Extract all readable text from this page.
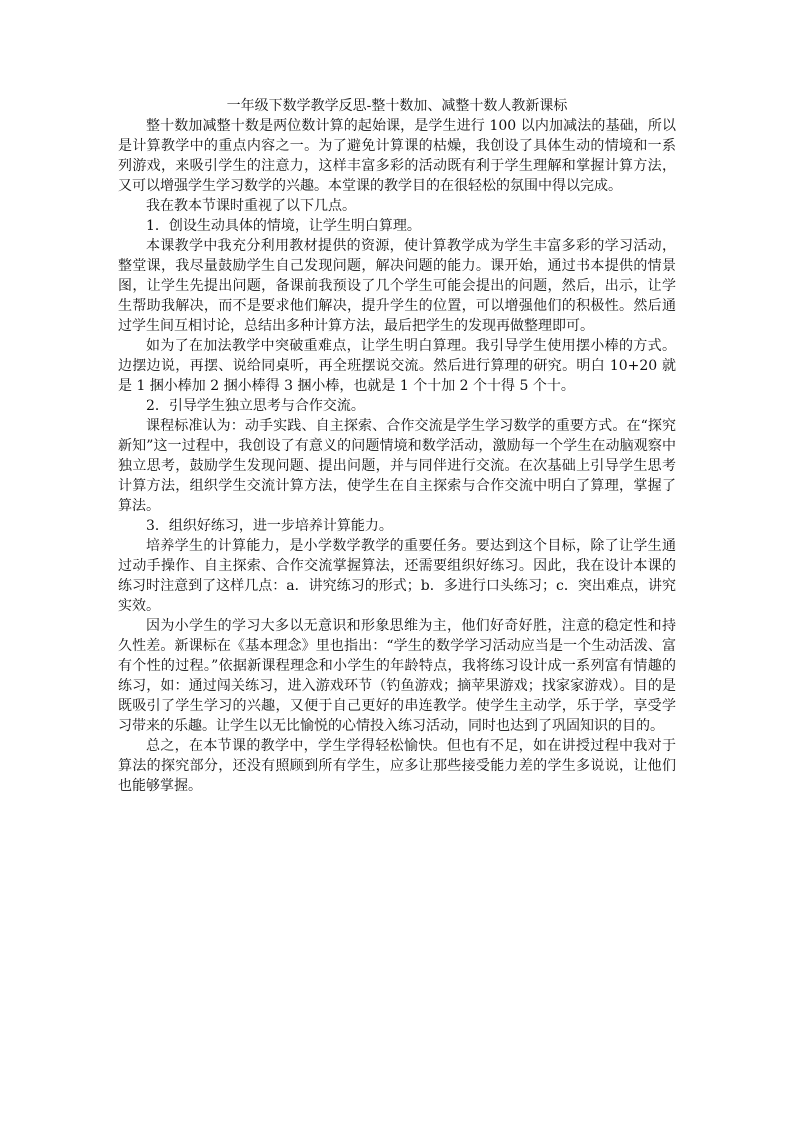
一年级下数学教学反思-整十数加、减整十数人教新课标

整十数加减整十数是两位数计算的起始课，是学生进行 100 以内加减法的基础，所以是计算教学中的重点内容之一。为了避免计算课的枯燥，我创设了具体生动的情境和一系列游戏，来吸引学生的注意力，这样丰富多彩的活动既有利于学生理解和掌握计算方法，又可以增强学生学习数学的兴趣。本堂课的教学目的在很轻松的氛围中得以完成。

我在教本节课时重视了以下几点。

1．创设生动具体的情境，让学生明白算理。

本课教学中我充分利用教材提供的资源，使计算教学成为学生丰富多彩的学习活动，整堂课，我尽量鼓励学生自己发现问题，解决问题的能力。课开始，通过书本提供的情景图，让学生先提出问题，备课前我预设了几个学生可能会提出的问题，然后，出示，让学生帮助我解决，而不是要求他们解决，提升学生的位置，可以增强他们的积极性。然后通过学生间互相讨论，总结出多种计算方法，最后把学生的发现再做整理即可。

如为了在加法教学中突破重难点，让学生明白算理。我引导学生使用摆小棒的方式。边摆边说，再摆、说给同桌听，再全班摆说交流。然后进行算理的研究。明白 10+20 就是 1 捆小棒加 2 捆小棒得 3 捆小棒，也就是 1 个十加 2 个十得 5 个十。

2．引导学生独立思考与合作交流。

课程标准认为：动手实践、自主探索、合作交流是学生学习数学的重要方式。在“探究新知”这一过程中，我创设了有意义的问题情境和数学活动，激励每一个学生在动脑观察中独立思考，鼓励学生发现问题、提出问题，并与同伴进行交流。在次基础上引导学生思考计算方法，组织学生交流计算方法，使学生在自主探索与合作交流中明白了算理，掌握了算法。

3．组织好练习，进一步培养计算能力。

培养学生的计算能力，是小学数学教学的重要任务。要达到这个目标，除了让学生通过动手操作、自主探索、合作交流掌握算法，还需要组织好练习。因此，我在设计本课的练习时注意到了这样几点：a．讲究练习的形式；b．多进行口头练习；c．突出难点，讲究实效。

因为小学生的学习大多以无意识和形象思维为主，他们好奇好胜，注意的稳定性和持久性差。新课标在《基本理念》里也指出：“学生的数学学习活动应当是一个生动活泼、富有个性的过程。”依据新课程理念和小学生的年龄特点，我将练习设计成一系列富有情趣的练习，如：通过闯关练习，进入游戏环节（钓鱼游戏；摘苹果游戏；找家家游戏）。目的是既吸引了学生学习的兴趣，又便于自己更好的串连教学。使学生主动学，乐于学，享受学习带来的乐趣。让学生以无比愉悦的心情投入练习活动，同时也达到了巩固知识的目的。

总之，在本节课的教学中，学生学得轻松愉快。但也有不足，如在讲授过程中我对于算法的探究部分，还没有照顾到所有学生，应多让那些接受能力差的学生多说说，让他们也能够掌握。
